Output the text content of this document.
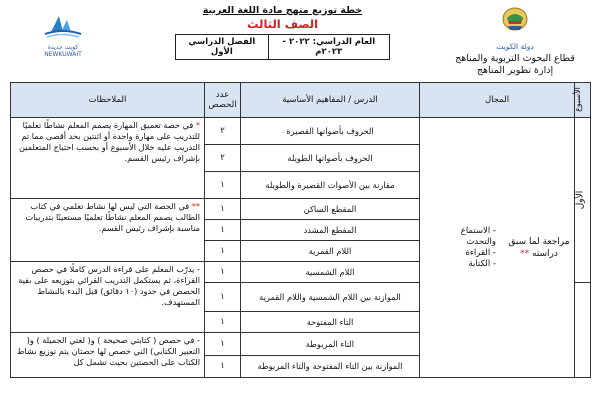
دولة الكويت
قطاع البحوث التربوية والمناهج
إدارة تطوير المناهج
خطة توزيع منهج مادة اللغة العربية
الصف الثالث
العام الدراسي: ٢٠٢٢ - ٢٠٢٣م
الفصل الدراسي الأول
كويت جديدة
NEWKUWAIT
الأسبوع	المجال	الدرس / المفاهيم الأساسية	عدد الحصص	الملاحظات
الأول	مراجعة لما سبق دراسته **
- الاستماع
والتحدث
- القراءة
- الكتابة	الحروف بأصواتها القصيرة	٢	* في حصة تعميق المهارة يصمم المعلم نشاطًا تعلميًا للتدريب على مهارة واحدة أو اثنتين بحد أقصى مما تم التدريب عليه خلال الأسبوع أو بحسب احتياج المتعلمين بإشراف رئيس القسم.

		الحروف بأصواتها الطويلة	٢	
		مقارنة بين الأصوات القصيرة والطويلة	١	
		المقطع الساكن	١	** في الحصة التي ليس لها نشاط تعلمي في كتاب الطالب يصمم المعلم نشاطًا تعلميًا مستعينًا بتدريبات مناسبة بإشراف رئيس القسم.

		المقطع المشدد	١	
		اللام القمرية	١	
		اللام الشمسية	١	- يدرّب المعلم على قراءة الدرس كاملًا في حصص القراءة، ثم يستكمل التدريب القرائي بتوزيعه على بقية الحصص في حدود (١٠ دقائق) قبل البدء بالنشاط المستهدف.

		الموازنة بين اللام الشمسية واللام القمرية	١	
		التاء المفتوحة	١	
		التاء المربوطة	١	- في حصص ( كتابتي صحيحة ) و( لغتي الجميلة ) و( التعبير الكتابي) التي خصص لها حصتان يتم توزيع نشاط الكتاب على الحصتين بحيث تشمل كل

		الموازنة بين التاء المفتوحة والتاء المربوطة	١	
